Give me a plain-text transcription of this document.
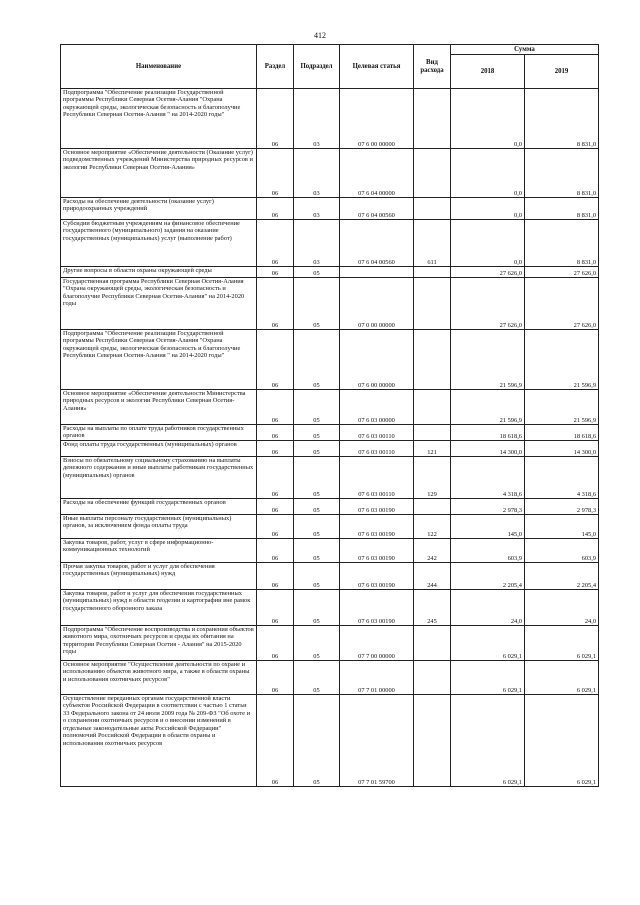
412
Наименование	Раздел	Подраздел	Целевая статья	Вид расхода	Сумма	
					2018	2019
Подпрограмма "Обеспечение реализации Государственной программы Республики Северная Осетия-Алания "Охрана окружающей среды, экологическая безопасность и благополучие Республики Северная Осетия-Алания " на 2014-2020 годы"	06	03	07 6 00 00000		0,0	8 831,0
Основное мероприятие «Обеспечение деятельности (Оказание услуг) подведомственных учреждений Министерства природных ресурсов и экологии Республики Северная Осетия-Алания»	06	03	07 6 04 00000		0,0	8 831,0
Расходы на обеспечение деятельности (оказание услуг) природоохранных учреждений	06	03	07 6 04 00560		0,0	8 831,0
Субсидии бюджетным учреждениям на финансовое обеспечение государственного (муниципального) задания на оказание государственных (муниципальных) услуг (выполнение работ)	06	03	07 6 04 00560	611	0,0	8 831,0
Другие вопросы в области охраны окружающей среды	06	05			27 626,0	27 626,0
Государственная программа Республики Северная Осетия-Алания "Охрана окружающей среды, экологическая безопасность и благополучие Республики Северная Осетия-Алания" на 2014-2020 годы	06	05	07 0 00 00000		27 626,0	27 626,0
Подпрограмма "Обеспечение реализации Государственной программы Республики Северная Осетия-Алания "Охрана окружающей среды, экологическая безопасность и благополучие Республики Северная Осетия-Алания " на 2014-2020 годы"	06	05	07 6 00 00000		21 596,9	21 596,9
Основное мероприятие «Обеспечение деятельности Министерства природных ресурсов и экологии Республики Северная Осетия-Алания»	06	05	07 6 03 00000		21 596,9	21 596,9
Расходы на выплаты по оплате труда работников государственных органов	06	05	07 6 03 00110		18 618,6	18 618,6
Фонд оплаты труда государственных (муниципальных) органов	06	05	07 6 03 00110	121	14 300,0	14 300,0
Взносы по обязательному социальному страхованию на выплаты денежного содержания и иные выплаты работникам государственных (муниципальных) органов	06	05	07 6 03 00110	129	4 318,6	4 318,6
Расходы на обеспечение функций государственных органов	06	05	07 6 03 00190		2 978,3	2 978,3
Иные выплаты персоналу государственных (муниципальных) органов, за исключением фонда оплаты труда	06	05	07 6 03 00190	122	145,0	145,0
Закупка товаров, работ, услуг в сфере информационно-коммуникационных технологий	06	05	07 6 03 00190	242	603,9	603,9
Прочая закупка товаров, работ и услуг для обеспечения государственных (муниципальных) нужд	06	05	07 6 03 00190	244	2 205,4	2 205,4
Закупка товаров, работ и услуг для обеспечения государственных (муниципальных) нужд в области геодезии и картографии вне рамок государственного оборонного заказа	06	05	07 6 03 00190	245	24,0	24,0
Подпрограмма "Обеспечение воспроизводства и сохранения объектов животного мира, охотничьих ресурсов и среды их обитания на территории Республики Северная Осетия - Алания" на 2015-2020 годы	06	05	07 7 00 00000		6 029,1	6 029,1
Основное мероприятие "Осуществление деятельности по охране и использованию объектов животного мира, а также в области охраны и использования охотничьих ресурсов"	06	05	07 7 01 00000		6 029,1	6 029,1
Осуществление переданных органам государственной власти субъектов Российской Федерации в соответствии с частью 1 статьи 33 Федерального закона от 24 июля 2009 года № 209-ФЗ "Об охоте и о сохранении охотничьих ресурсов и о внесении изменений в отдельные законодательные акты Российской Федерации" полномочий Российской Федерации в области охраны и использования охотничьих ресурсов	06	05	07 7 01 59700		6 029,1	6 029,1
